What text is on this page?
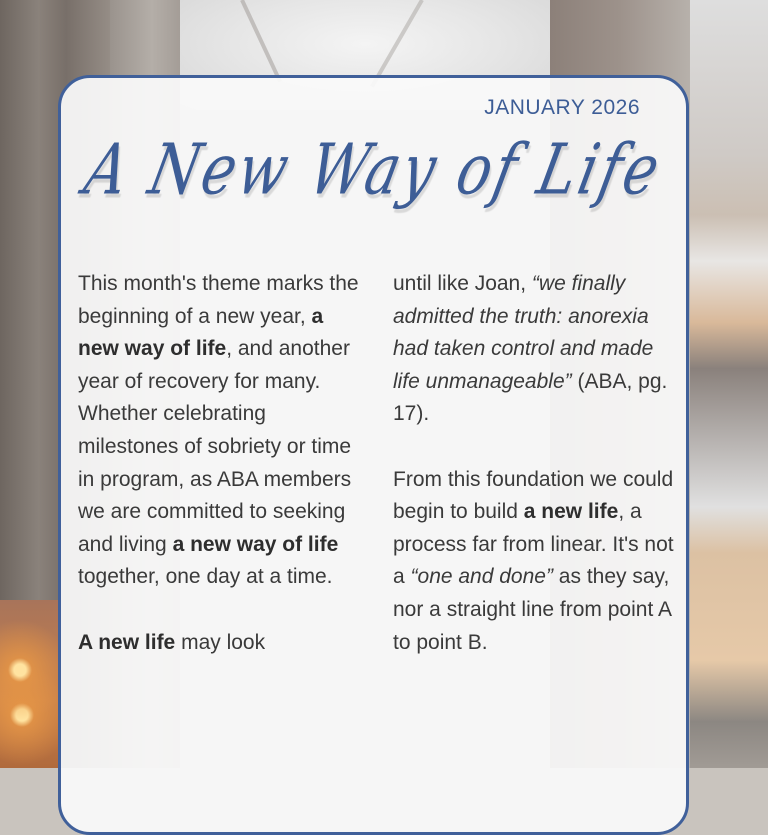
JANUARY 2026
A New Way of Life

This month's theme marks the beginning of a new year, a new way of life, and another year of recovery for many. Whether celebrating milestones of sobriety or time in program, as ABA members we are committed to seeking and living a new way of life together, one day at a time.

A new life may look

until like Joan, “we finally admitted the truth: anorexia had taken control and made life unmanageable” (ABA, pg. 17).

From this foundation we could begin to build a new life, a process far from linear. It's not a “one and done” as they say, nor a straight line from point A to point B.
